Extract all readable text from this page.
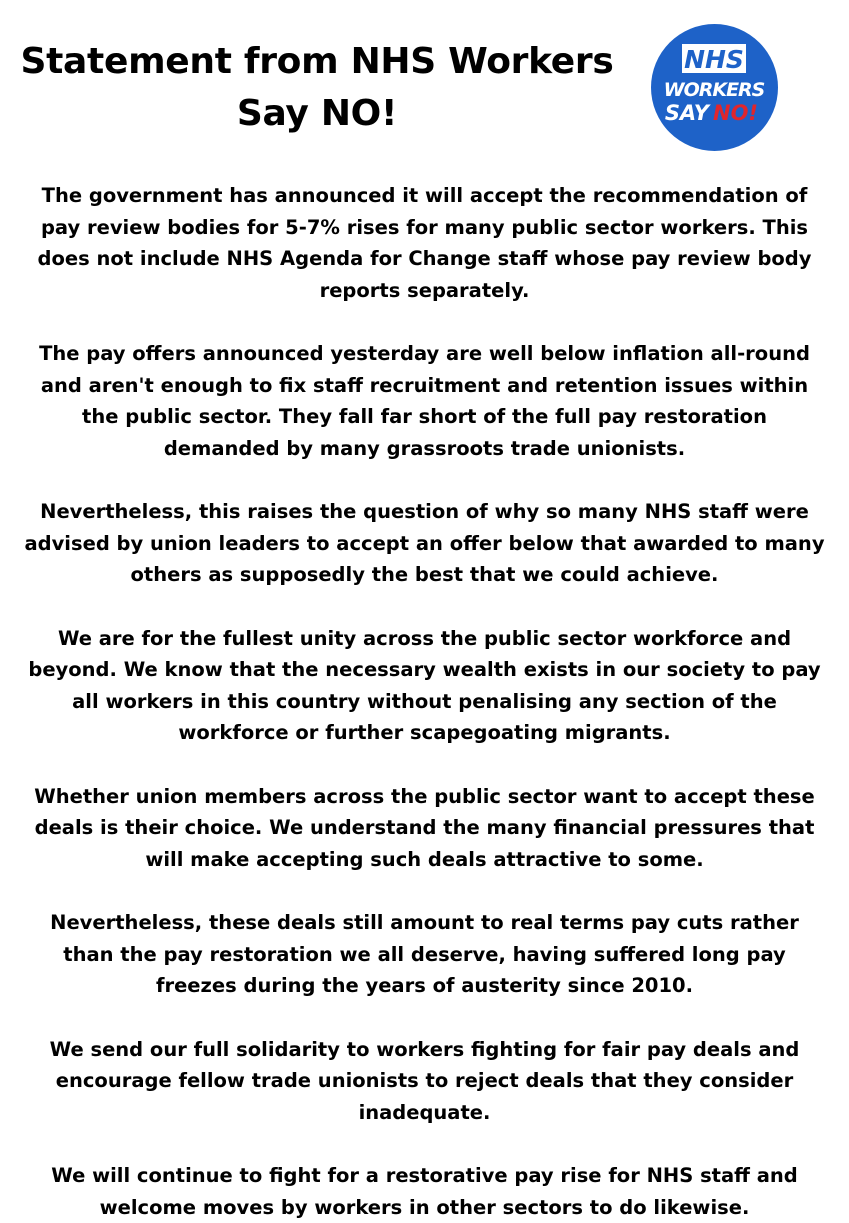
Statement from NHS Workers
Say NO!
NHS
WORKERS
SAY NO!

The government has announced it will accept the recommendation of pay review bodies for 5-7% rises for many public sector workers. This does not include NHS Agenda for Change staff whose pay review body reports separately.

The pay offers announced yesterday are well below inflation all-round and aren't enough to fix staff recruitment and retention issues within the public sector. They fall far short of the full pay restoration demanded by many grassroots trade unionists.

Nevertheless, this raises the question of why so many NHS staff were advised by union leaders to accept an offer below that awarded to many others as supposedly the best that we could achieve.

We are for the fullest unity across the public sector workforce and beyond. We know that the necessary wealth exists in our society to pay all workers in this country without penalising any section of the workforce or further scapegoating migrants.

Whether union members across the public sector want to accept these deals is their choice. We understand the many financial pressures that will make accepting such deals attractive to some.

Nevertheless, these deals still amount to real terms pay cuts rather than the pay restoration we all deserve, having suffered long pay freezes during the years of austerity since 2010.

We send our full solidarity to workers fighting for fair pay deals and encourage fellow trade unionists to reject deals that they consider inadequate.

We will continue to fight for a restorative pay rise for NHS staff and welcome moves by workers in other sectors to do likewise.
